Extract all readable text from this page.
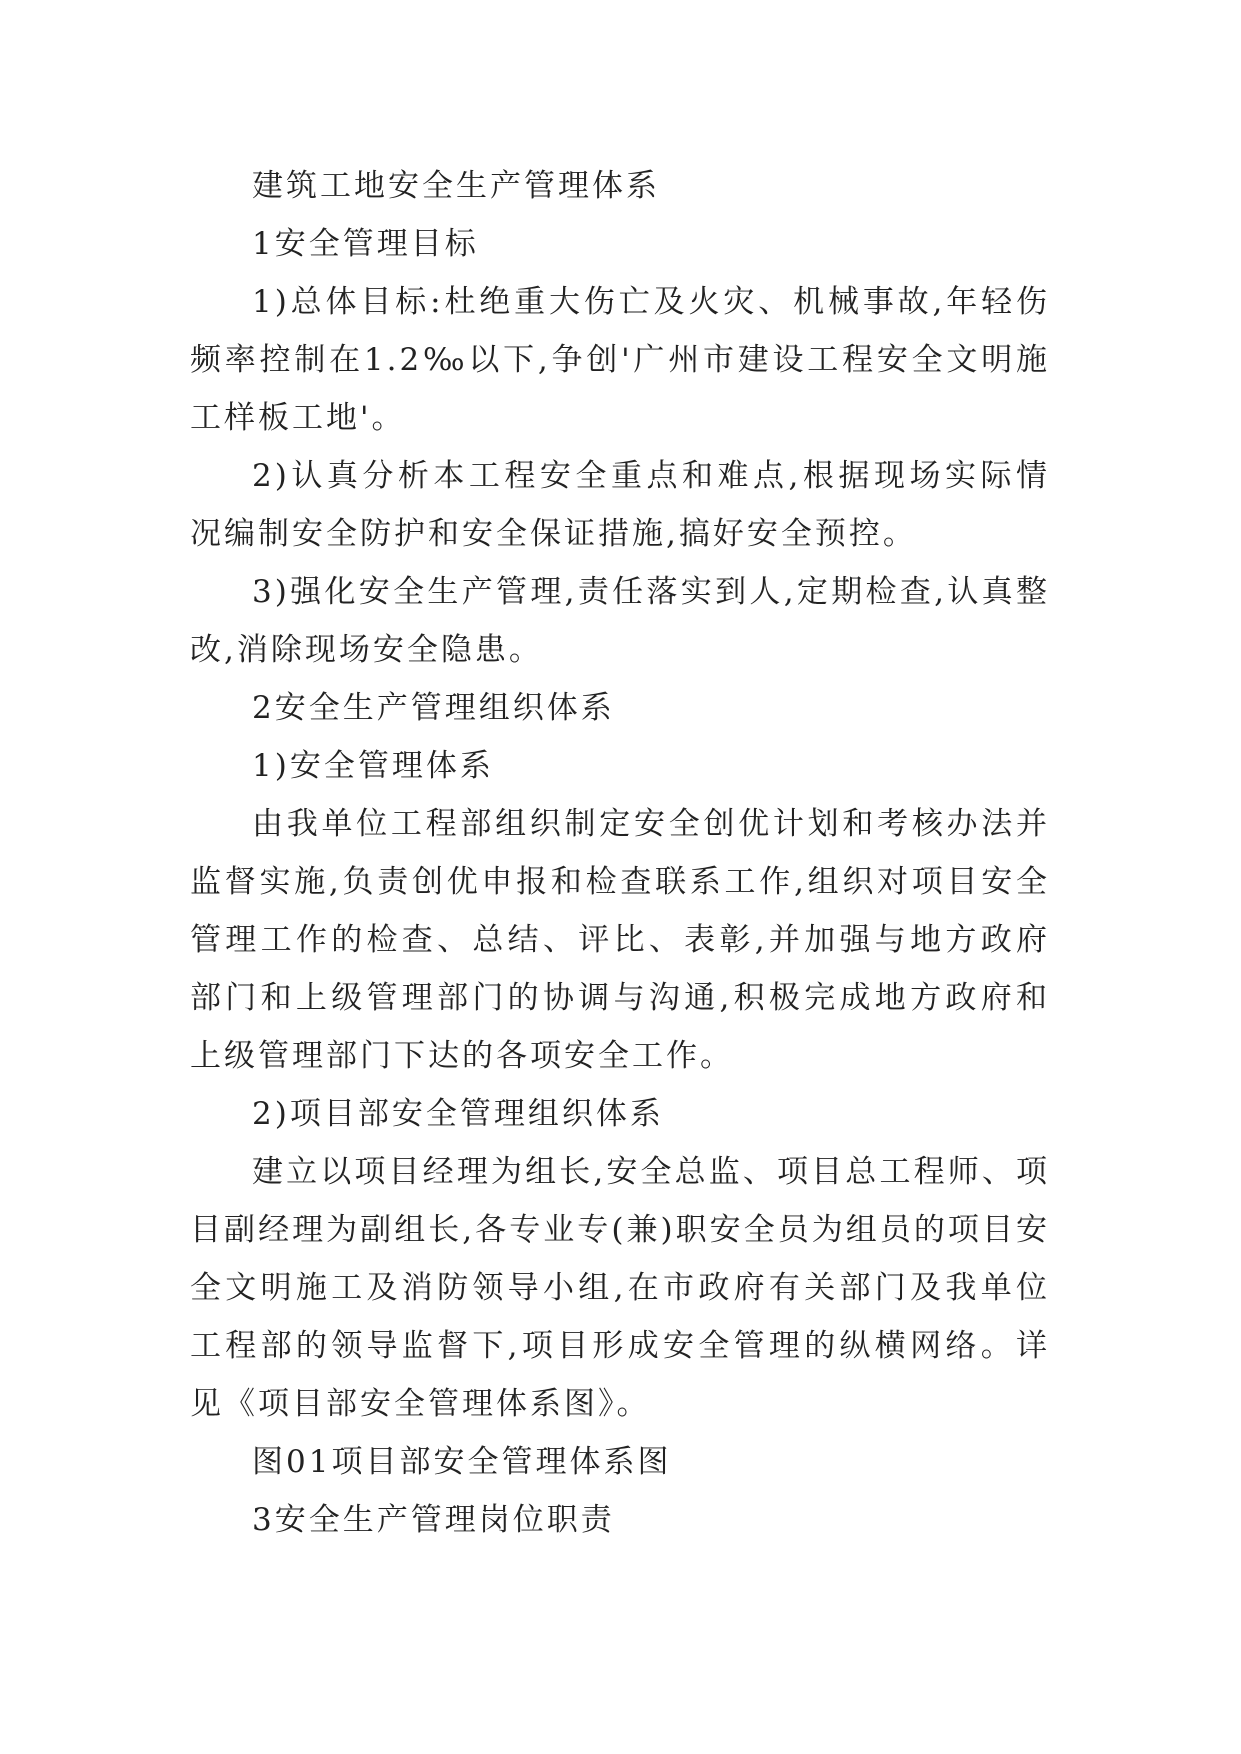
建筑工地安全生产管理体系

1安全管理目标

1)总体目标:杜绝重大伤亡及火灾、机械事故,年轻伤频率控制在1.2‰以下,争创'广州市建设工程安全文明施工样板工地'。

2)认真分析本工程安全重点和难点,根据现场实际情况编制安全防护和安全保证措施,搞好安全预控。

3)强化安全生产管理,责任落实到人,定期检查,认真整改,消除现场安全隐患。

2安全生产管理组织体系

1)安全管理体系

由我单位工程部组织制定安全创优计划和考核办法并监督实施,负责创优申报和检查联系工作,组织对项目安全管理工作的检查、总结、评比、表彰,并加强与地方政府部门和上级管理部门的协调与沟通,积极完成地方政府和上级管理部门下达的各项安全工作。

2)项目部安全管理组织体系

建立以项目经理为组长,安全总监、项目总工程师、项目副经理为副组长,各专业专(兼)职安全员为组员的项目安全文明施工及消防领导小组,在市政府有关部门及我单位工程部的领导监督下,项目形成安全管理的纵横网络。详见《项目部安全管理体系图》。

图01项目部安全管理体系图

3安全生产管理岗位职责
